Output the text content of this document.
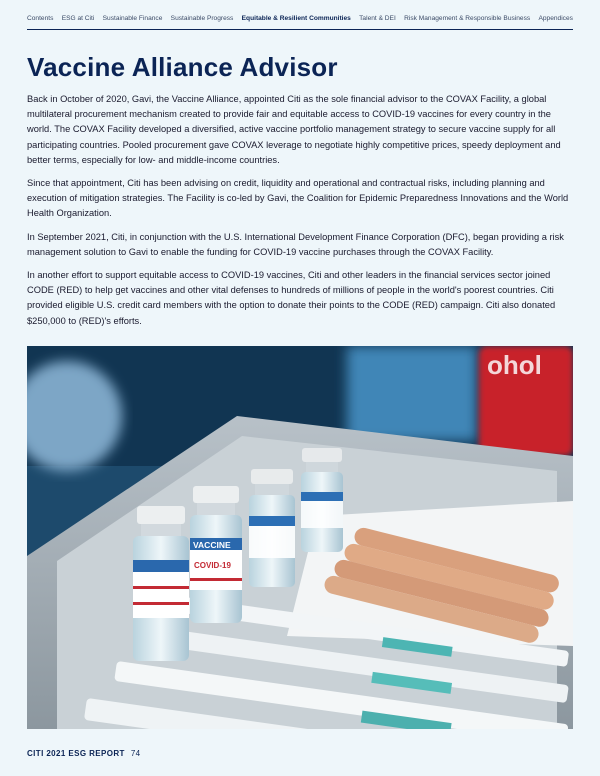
Contents ESG at Citi Sustainable Finance Sustainable Progress Equitable & Resilient Communities Talent & DEI Risk Management & Responsible Business Appendices
Vaccine Alliance Advisor

Back in October of 2020, Gavi, the Vaccine Alliance, appointed Citi as the sole financial advisor to the COVAX Facility, a global multilateral procurement mechanism created to provide fair and equitable access to COVID-19 vaccines for every country in the world. The COVAX Facility developed a diversified, active vaccine portfolio management strategy to secure vaccine supply for all participating countries. Pooled procurement gave COVAX leverage to negotiate highly competitive prices, speedy deployment and better terms, especially for low- and middle-income countries.

Since that appointment, Citi has been advising on credit, liquidity and operational and contractual risks, including planning and execution of mitigation strategies. The Facility is co-led by Gavi, the Coalition for Epidemic Preparedness Innovations and the World Health Organization.

In September 2021, Citi, in conjunction with the U.S. International Development Finance Corporation (DFC), began providing a risk management solution to Gavi to enable the funding for COVID-19 vaccine purchases through the COVAX Facility.

In another effort to support equitable access to COVID-19 vaccines, Citi and other leaders in the financial services sector joined CODE (RED) to help get vaccines and other vital defenses to hundreds of millions of people in the world's poorest countries. Citi provided eligible U.S. credit card members with the option to donate their points to the CODE (RED) campaign. Citi also donated $250,000 to (RED)'s efforts.

ohol
VACCINE
COVID-19
CITI 2021 ESG REPORT 74
